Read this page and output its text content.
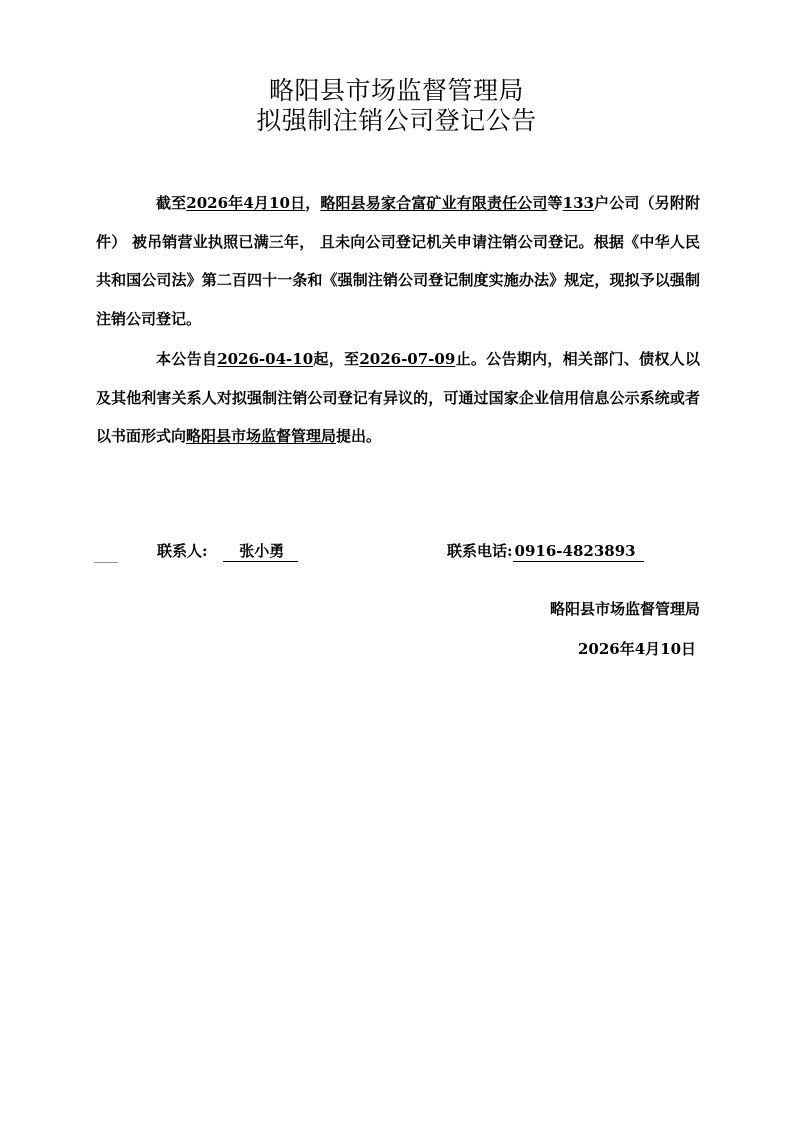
略阳县市场监督管理局
拟强制注销公司登记公告

截至2026年4月10日，略阳县易家合富矿业有限责任公司等133户公司（另附附件） 被吊销营业执照已满三年， 且未向公司登记机关申请注销公司登记。根据《中华人民共和国公司法》第二百四十一条和《强制注销公司登记制度实施办法》规定，现拟予以强制注销公司登记。

本公告自2026-04-10起，至2026-07-09止。公告期内，相关部门、债权人以及其他利害关系人对拟强制注销公司登记有异议的，可通过国家企业信用信息公示系统或者以书面形式向略阳县市场监督管理局提出。

联系人: 张小勇	联系电话: 0916-4823893
略阳县市场监督管理局
2026年4月10日
